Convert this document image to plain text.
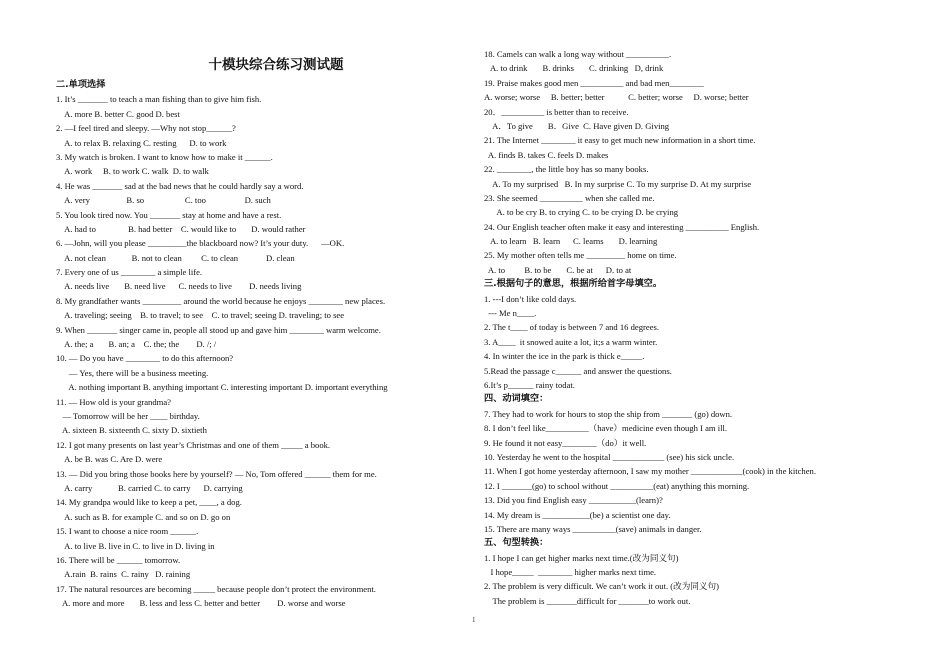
十模块综合练习测试题
二.单项选择
1. It’s _______ to teach a man fishing than to give him fish.
A. more B. better C. good D. best
2. —I feel tired and sleepy. —Why not stop______?
A. to relax B. relaxing C. resting      D. to work
3. My watch is broken. I want to know how to make it ______.
A. work     B. to work C. walk  D. to walk
4. He was _______ sad at the bad news that he could hardly say a word.
A. very                 B. so                   C. too                  D. such
5. You look tired now. You _______ stay at home and have a rest.
A. had to               B. had better    C. would like to       D. would rather
6. —John, will you please _________the blackboard now? It’s your duty.      —OK.
A. not clean            B. not to clean         C. to clean             D. clean
7. Every one of us ________ a simple life.
A. needs live       B. need live      C. needs to live        D. needs living
8. My grandfather wants _________ around the world because he enjoys ________ new places.
A. traveling; seeing    B. to travel; to see    C. to travel; seeing D. traveling; to see
9. When _______ singer came in, people all stood up and gave him ________ warm welcome.
A. the; a       B. an; a    C. the; the        D. /; /
10. — Do you have ________ to do this afternoon?
— Yes, there will be a business meeting.
A. nothing important B. anything important C. interesting important D. important everything
11. — How old is your grandma?
— Tomorrow will be her ____ birthday.
A. sixteen B. sixteenth C. sixty D. sixtieth
12. I got many presents on last year’s Christmas and one of them _____ a book.
A. be B. was C. Are D. were
13. — Did you bring those books here by yourself? — No, Tom offered ______ them for me.
A. carry            B. carried C. to carry      D. carrying
14. My grandpa would like to keep a pet, ____, a dog.
A. such as B. for example C. and so on D. go on
15. I want to choose a nice room ______.
A. to live B. live in C. to live in D. living in
16. There will be ______ tomorrow.
A.rain  B. rains  C. rainy   D. raining
17. The natural resources are becoming _____ because people don’t protect the environment.
A. more and more       B. less and less C. better and better        D. worse and worse
18. Camels can walk a long way without __________.
A. to drink       B. drinks       C. drinking   D, drink
19. Praise makes good men __________ and bad men________
A. worse; worse     B. better; better           C. better; worse     D. worse; better
20．__________ is better than to receive.
A．To give       B．Give  C. Have given D. Giving
21. The Internet ________ it easy to get much new information in a short time.
A. finds B. takes C. feels D. makes
22. ________, the little boy has so many books.
A. To my surprised   B. In my surprise C. To my surprise D. At my surprise
23. She seemed __________ when she called me.
A. to be cry B. to crying C. to be crying D. be crying
24. Our English teacher often make it easy and interesting __________ English.
A. to learn   B. learn      C. learns       D. learning
25. My mother often tells me _________ home on time.
A. to         B. to be       C. be at      D. to at
三.根据句子的意思，根据所给首字母填空。
1. ---I don’t like cold days.
--- Me n____.
2. The t____ of today is between 7 and 16 degrees.
3. A____  it snowed auite a lot, it;s a warm winter.
4. In winter the ice in the park is thick e_____.
5.Read the passage c______ and answer the questions.
6.It’s p______ rainy todat.
四、动词填空：
7. They had to work for hours to stop the ship from _______ (go) down.
8. I don’t feel like__________（have）medicine even though I am ill.
9. He found it not easy________（do）it well.
10. Yesterday he went to the hospital ____________ (see) his sick uncle.
11. When I got home yesterday afternoon, I saw my mother ____________(cook) in the kitchen.
12. I _______(go) to school without __________(eat) anything this morning.
13. Did you find English easy ___________(learn)?
14. My dream is ___________(be) a scientist one day.
15. There are many ways __________(save) animals in danger.
五、句型转换：
1. I hope I can get higher marks next time.(改为同义句)
I hope_____  ________ higher marks next time.
2. The problem is very difficult. We can’t work it out. (改为同义句)
The problem is _______difficult for _______to work out.
1
